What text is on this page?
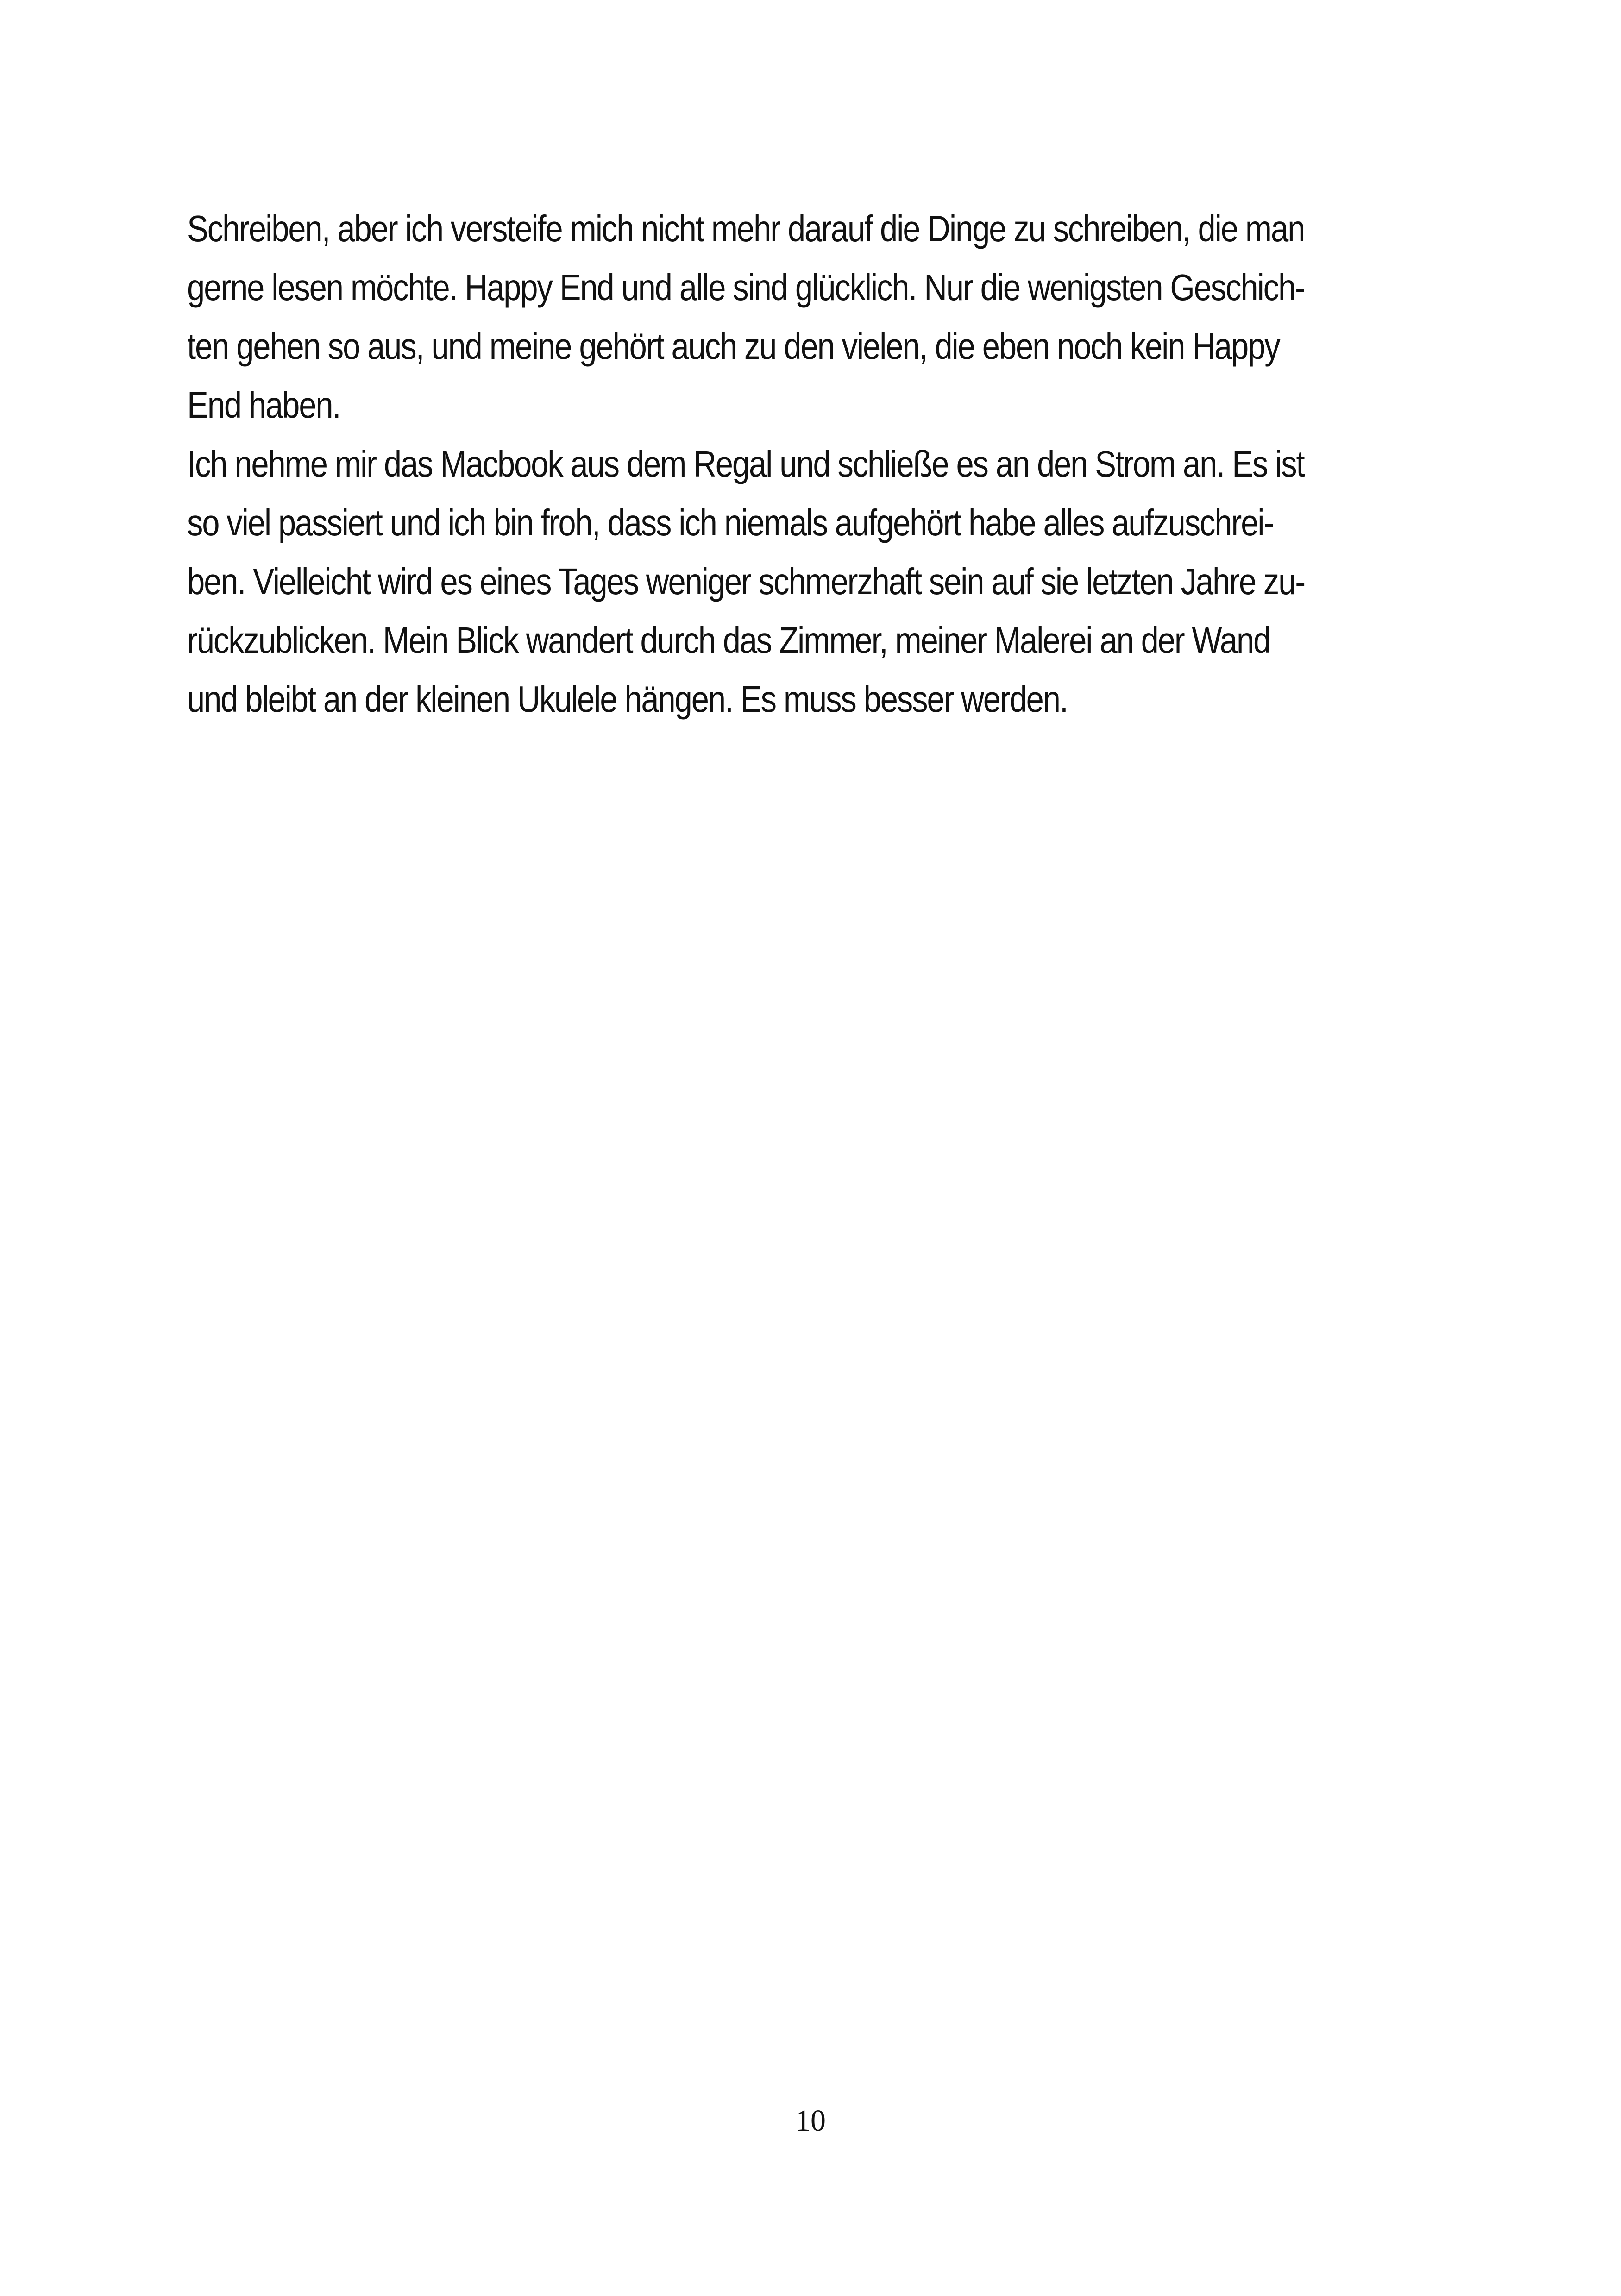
Schreiben, aber ich versteife mich nicht mehr darauf die Dinge zu schreiben, die man
gerne lesen möchte. Happy End und alle sind glücklich. Nur die wenigsten Geschich-
ten gehen so aus, und meine gehört auch zu den vielen, die eben noch kein Happy
End haben.
Ich nehme mir das Macbook aus dem Regal und schließe es an den Strom an. Es ist
so viel passiert und ich bin froh, dass ich niemals aufgehört habe alles aufzuschrei-
ben. Vielleicht wird es eines Tages weniger schmerzhaft sein auf sie letzten Jahre zu-
rückzublicken. Mein Blick wandert durch das Zimmer, meiner Malerei an der Wand
und bleibt an der kleinen Ukulele hängen. Es muss besser werden.
10
